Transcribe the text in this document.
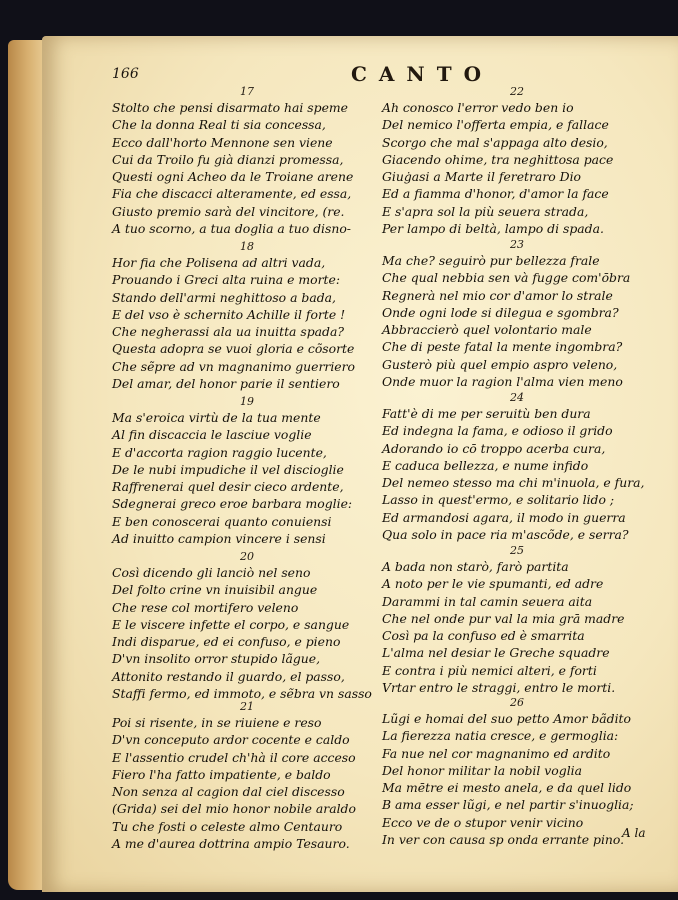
166	CANTO
17
Stolto che pensi disarmato hai speme
Che la donna Real ti sia concessa,
Ecco dall'horto Mennone sen viene
Cui da Troilo fu già dianzi promessa,
Questi ogni Acheo da le Troiane arene
Fia che discacci alteramente, ed essa,
Giusto premio sarà del vincitore, (re.
A tuo scorno, a tua doglia a tuo disno-
18
Hor fia che Polisena ad altri vada,
Prouando i Greci alta ruina e morte:
Stando dell'armi neghittoso a bada,
E del vso è schernito Achille il forte !
Che negherassi ala ua inuitta spada?
Questa adopra se vuoi gloria e cõsorte
Che sẽpre ad vn magnanimo guerriero
Del amar, del honor parie il sentiero
19
Ma s'eroica virtù de la tua mente
Al fin discaccia le lasciue voglie
E d'accorta ragion raggio lucente,
De le nubi impudiche il vel discioglie
Raffrenerai quel desir cieco ardente,
Sdegnerai greco eroe barbara moglie:
E ben conoscerai quanto conuiensi
Ad inuitto campion vincere i sensi
20
Così dicendo gli lanciò nel seno
Del folto crine vn inuisibil angue
Che rese col mortifero veleno
E le viscere infette el corpo, e sangue
Indi disparue, ed ei confuso, e pieno
D'vn insolito orror stupido lãgue,
Attonito restando il guardo, el passo,
Staffi fermo, ed immoto, e sẽbra vn sasso
21
Poi si risente, in se riuiene e reso
D'vn conceputo ardor cocente e caldo
E l'assentio crudel ch'hà il core acceso
Fiero l'ha fatto impatiente, e baldo
Non senza al cagion dal ciel discesso
(Grida) sei del mio honor nobile araldo
Tu che fosti o celeste almo Centauro
A me d'aurea dottrina ampio Tesauro.
22
Ah conosco l'error vedo ben io
Del nemico l'offerta empia, e fallace
Scorgo che mal s'appaga alto desio,
Giacendo ohime, tra neghittosa pace
Giuġasi a Marte il feretraro Dio
Ed a fiamma d'honor, d'amor la face
E s'apra sol la più seuera strada,
Per lampo di beltà, lampo di spada.
23
Ma che? seguirò pur bellezza frale
Che qual nebbia sen và fugge com'ōbra
Regnerà nel mio cor d'amor lo strale
Onde ogni lode si dilegua e sgombra?
Abbraccierò quel volontario male
Che di peste fatal la mente ingombra?
Gusterò più quel empio aspro veleno,
Onde muor la ragion l'alma vien meno
24
Fatt'è di me per seruitù ben dura
Ed indegna la fama, e odioso il grido
Adorando io cō troppo acerba cura,
E caduca bellezza, e nume infido
Del nemeo stesso ma chi m'inuola, e fura,
Lasso in quest'ermo, e solitario lido ;
Ed armandosi agara, il modo in guerra
Qua solo in pace ria m'ascõde, e serra?
25
A bada non starò, farò partita
A noto per le vie spumanti, ed adre
Darammi in tal camin seuera aita
Che nel onde pur val la mia grā madre
Così pa la confuso ed è smarrita
L'alma nel desiar le Greche squadre
E contra i più nemici alteri, e forti
Vrtar entro le straggi, entro le morti.
26
Lũgi e homai del suo petto Amor bãdito
La fierezza natia cresce, e germoglia:
Fa nue nel cor magnanimo ed ardito
Del honor militar la nobil voglia
Ma mētre ei mesto anela, e da quel lido
B ama esser lũgi, e nel partir s'inuoglia;
Ecco ve de o stupor venir vicino
In ver con causa sp onda errante pino.
A la
